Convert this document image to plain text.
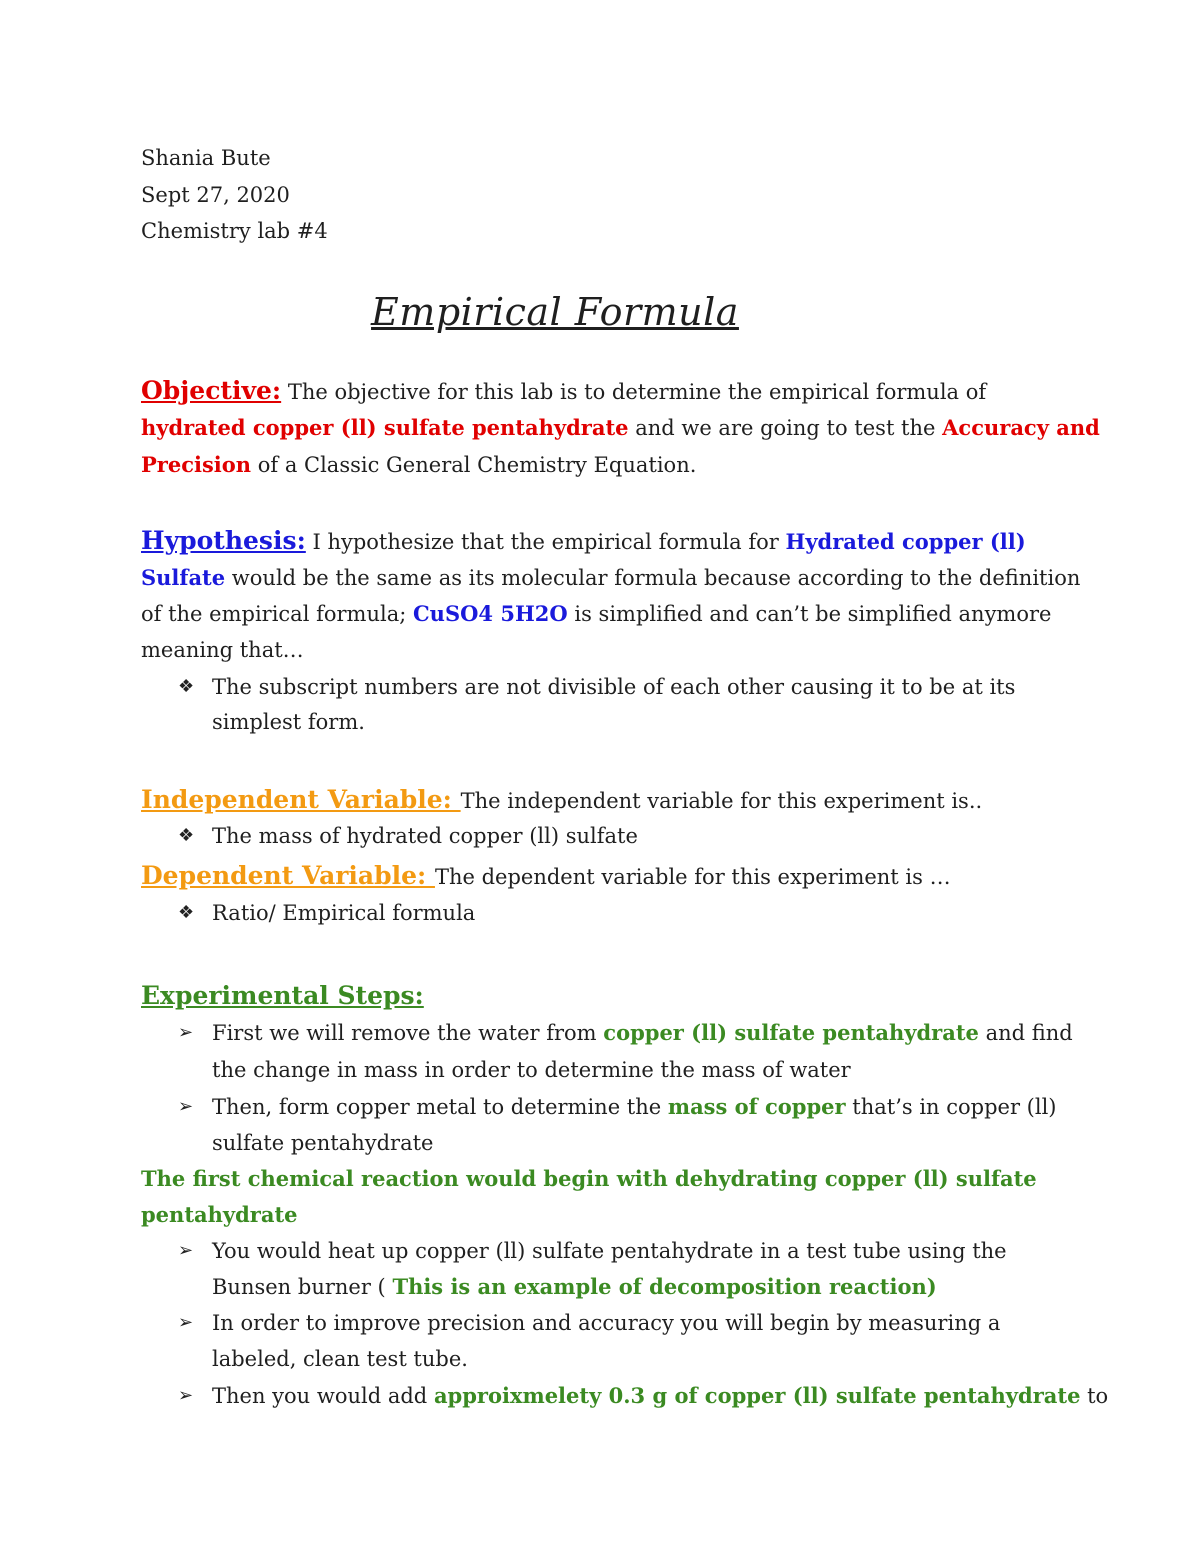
Shania Bute
Sept 27, 2020
Chemistry lab #4
Empirical Formula
Objective: The objective for this lab is to determine the empirical formula of
hydrated copper (ll) sulfate pentahydrate and we are going to test the Accuracy and
Precision of a Classic General Chemistry Equation.
Hypothesis: I hypothesize that the empirical formula for Hydrated copper (ll)
Sulfate would be the same as its molecular formula because according to the definition
of the empirical formula; CuSO4 5H2O is simplified and can’t be simplified anymore
meaning that…
❖ The subscript numbers are not divisible of each other causing it to be at its
simplest form.
Independent Variable: The independent variable for this experiment is..
❖ The mass of hydrated copper (ll) sulfate
Dependent Variable: The dependent variable for this experiment is …
❖ Ratio/ Empirical formula
Experimental Steps:
➢ First we will remove the water from copper (ll) sulfate pentahydrate and find
the change in mass in order to determine the mass of water
➢ Then, form copper metal to determine the mass of copper that’s in copper (ll)
sulfate pentahydrate
The first chemical reaction would begin with dehydrating copper (ll) sulfate
pentahydrate
➢ You would heat up copper (ll) sulfate pentahydrate in a test tube using the
Bunsen burner ( This is an example of decomposition reaction)
➢ In order to improve precision and accuracy you will begin by measuring a
labeled, clean test tube.
➢ Then you would add approixmelety 0.3 g of copper (ll) sulfate pentahydrate to
